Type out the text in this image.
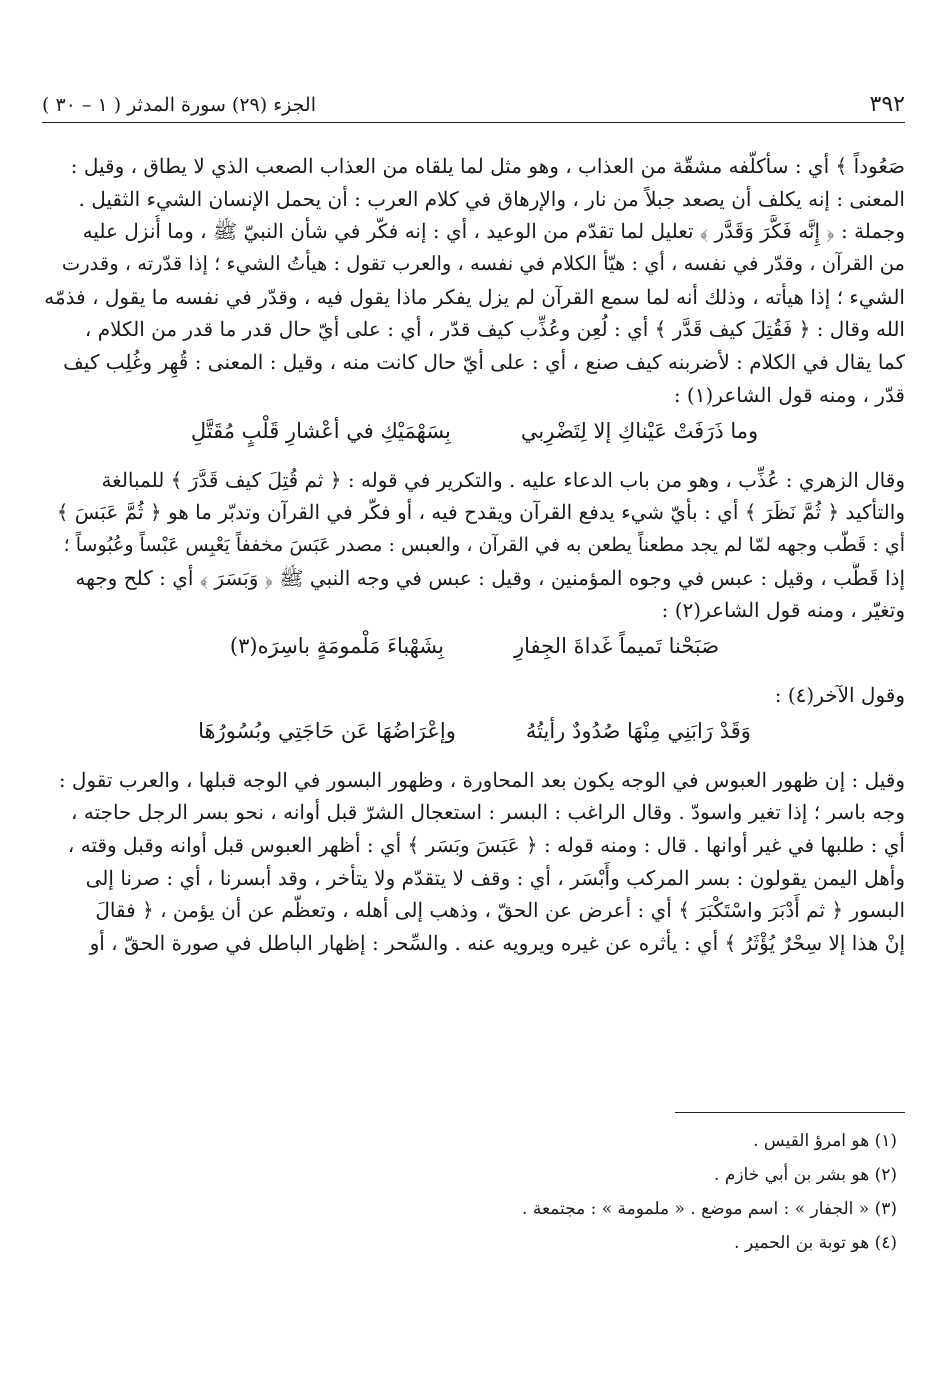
٣٩٢
الجزء (٢٩) سورة المدثر ( ١ – ٣٠ )
صَعُوداً ﴾ أي : سأكلّفه مشقّة من العذاب ، وهو مثل لما يلقاه من العذاب الصعب الذي لا يطاق ، وقيل :
المعنى : إنه يكلف أن يصعد جبلاً من نار ، والإرهاق في كلام العرب : أن يحمل الإنسان الشيء الثقيل .
وجملة : ﴿ إِنَّه فَكَّرَ وَقَدَّر ﴾ تعليل لما تقدّم من الوعيد ، أي : إنه فكّر في شأن النبيّ ﷺ ، وما أُنزل عليه
من القرآن ، وقدّر في نفسه ، أي : هيّأ الكلام في نفسه ، والعرب تقول : هيأتُ الشيء ؛ إذا قدّرته ، وقدرت
الشيء ؛ إذا هيأته ، وذلك أنه لما سمع القرآن لم يزل يفكر ماذا يقول فيه ، وقدّر في نفسه ما يقول ، فذمّه
الله وقال : ﴿ فَقُتِلَ كيف قَدَّر ﴾ أي : لُعِن وعُذِّب كيف قدّر ، أي : على أيّ حال قدر ما قدر من الكلام ،
كما يقال في الكلام : لأضربنه كيف صنع ، أي : على أيّ حال كانت منه ، وقيل : المعنى : قُهِر وغُلِب كيف
قدّر ، ومنه قول الشاعر(١) :
وما ذَرَفَتْ عَيْناكِ إلا لِتَضْرِبي
بِسَهْمَيْكِ في أعْشارِ قَلْبٍ مُقَتَّلِ
وقال الزهري : عُذِّب ، وهو من باب الدعاء عليه . والتكرير في قوله : ﴿ ثم قُتِلَ كيف قَدَّرَ ﴾ للمبالغة
والتأكيد ﴿ ثُمَّ نَظَرَ ﴾ أي : بأيّ شيء يدفع القرآن ويقدح فيه ، أو فكّر في القرآن وتدبّر ما هو ﴿ ثُمَّ عَبَسَ ﴾
أي : قَطّب وجهه لمّا لم يجد مطعناً يطعن به في القرآن ، والعبس : مصدر عَبَسَ مخففاً يَعْبِس عَبْساً وعُبُوساً ؛
إذا قَطَّب ، وقيل : عبس في وجوه المؤمنين ، وقيل : عبس في وجه النبي ﷺ ﴿ وَبَسَرَ ﴾ أي : كلح وجهه
وتغيّر ، ومنه قول الشاعر(٢) :
صَبَحْنا تَميماً غَداةَ الجِفارِ
بِشَهْباءَ مَلْمومَةٍ باسِرَه(٣)
وقول الآخر(٤) :
وَقَدْ رَابَنِي مِنْهَا صُدُودٌ رأيتُهُ
وإعْرَاضُهَا عَن حَاجَتِي وبُسُورُهَا
وقيل : إن ظهور العبوس في الوجه يكون بعد المحاورة ، وظهور البسور في الوجه قبلها ، والعرب تقول :
وجه باسر ؛ إذا تغير واسودّ . وقال الراغب : البسر : استعجال الشرّ قبل أوانه ، نحو بسر الرجل حاجته ،
أي : طلبها في غير أوانها . قال : ومنه قوله : ﴿ عَبَسَ وبَسَر ﴾ أي : أظهر العبوس قبل أوانه وقبل وقته ،
وأهل اليمن يقولون : بسر المركب وأَبْسَر ، أي : وقف لا يتقدّم ولا يتأخر ، وقد أبسرنا ، أي : صرنا إلى
البسور ﴿ ثم أَدْبَرَ واسْتَكْبَرَ ﴾ أي : أعرض عن الحقّ ، وذهب إلى أهله ، وتعظّم عن أن يؤمن ، ﴿ فقالَ
إنْ هذا إلا سِحْرٌ يُؤْثَرُ ﴾ أي : يأثره عن غيره ويرويه عنه . والسِّحر : إظهار الباطل في صورة الحقّ ، أو
(١) هو امرؤ القيس .
(٢) هو بشر بن أبي خازم .
(٣) « الجفار » : اسم موضع . « ملمومة » : مجتمعة .
(٤) هو توبة بن الحمير .
